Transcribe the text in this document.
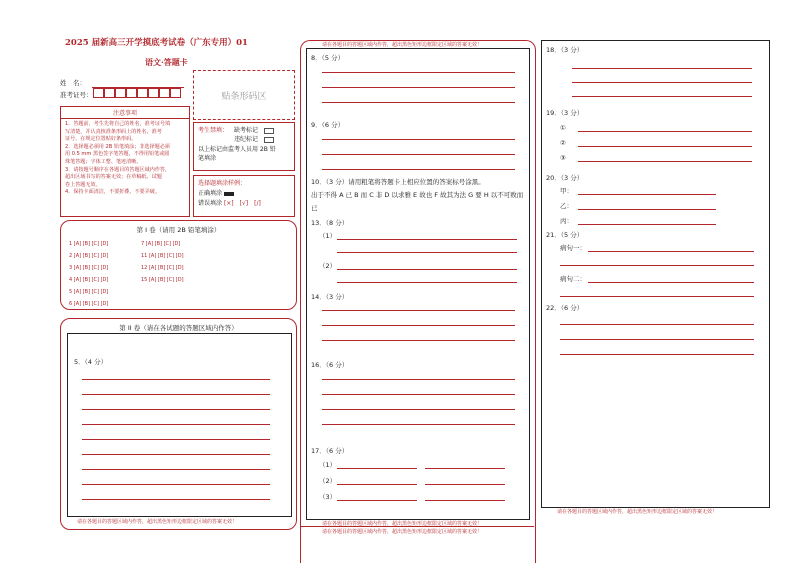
2025 届新高三开学摸底考试卷（广东专用）01
语文·答题卡
姓　名：
准考证号：	贴条形码区
注意事项
1．答题前，考生先将自己的姓名，准考证号填
写清楚，并认真核准条形码上的姓名、准考
证号，在规定位置贴好条形码。
2．选择题必须用 2B 铅笔填涂；非选择题必须
用 0.5 mm 黑色签字笔答题，不得用铅笔或圆
珠笔答题；字体工整、笔迹清晰。
3．请按题号顺序在各题目的答题区域内作答，
超出区域书写的答案无效；在草稿纸、试题
卷上答题无效。
4．保持卡面清洁，不要折叠、不要弄破。
考生禁填： 缺考标记
违纪标记
以上标记由监考人员用 2B 铅
笔填涂
选择题填涂样例：
正确填涂
错误填涂 [×]　[√]　[/]
第 I 卷（请用 2B 铅笔填涂）
1 [A] [B] [C] [D]
2 [A] [B] [C] [D]
3 [A] [B] [C] [D]
4 [A] [B] [C] [D]
5 [A] [B] [C] [D]
6 [A] [B] [C] [D]
7 [A] [B] [C] [D]
11 [A] [B] [C] [D]
12 [A] [B] [C] [D]
15 [A] [B] [C] [D]
第 II 卷（请在各试题的答题区域内作答）
5．（4 分）
请在各题目的答题区域内作答，超出黑色矩形边框限定区域的答案无效！
请在各题目的答题区域内作答，超出黑色矩形边框限定区域的答案无效！
8．（5 分）
9．（6 分）
10．（3 分）请用粗笔将答题卡上相应位置的答案标号涂黑。
出于不得 A 已 B 而 C 非 D 以求雅 E 故也 F 故其为法 G 要 H 以不可败而
已
13．（8 分）
（1）
（2）
14．（3 分）
16．（6 分）
17．（6 分）
（1）
（2）
（3）
请在各题目的答题区域内作答，超出黑色矩形边框限定区域的答案无效！
请在各题目的答题区域内作答，超出黑色矩形边框限定区域的答案无效！
18．（3 分）
19．（3 分）
①
②
③
20．（3 分）
甲：
乙：
丙：
21．（5 分）
病句一：
病句二：
22．（6 分）
请在各题目的答题区域内作答，超出黑色矩形边框限定区域的答案无效！
